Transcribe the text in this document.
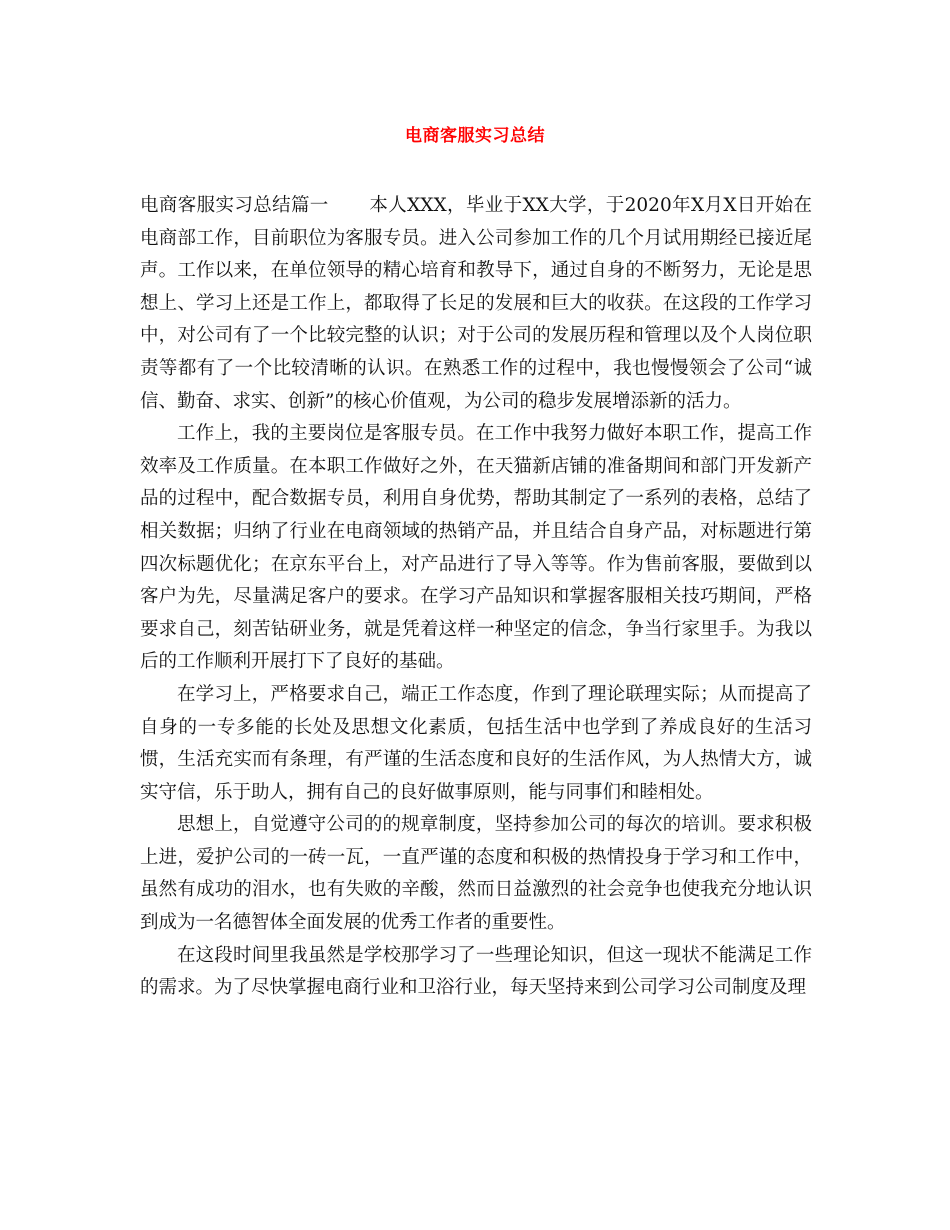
电商客服实习总结

电商客服实习总结篇一 本人XXX，毕业于XX大学，于2020年X月X日开始在电商部工作，目前职位为客服专员。进入公司参加工作的几个月试用期经已接近尾声。工作以来，在单位领导的精心培育和教导下，通过自身的不断努力，无论是思想上、学习上还是工作上，都取得了长足的发展和巨大的收获。在这段的工作学习中，对公司有了一个比较完整的认识；对于公司的发展历程和管理以及个人岗位职责等都有了一个比较清晰的认识。在熟悉工作的过程中，我也慢慢领会了公司“诚信、勤奋、求实、创新”的核心价值观，为公司的稳步发展增添新的活力。

工作上，我的主要岗位是客服专员。在工作中我努力做好本职工作，提高工作效率及工作质量。在本职工作做好之外，在天猫新店铺的准备期间和部门开发新产品的过程中，配合数据专员，利用自身优势，帮助其制定了一系列的表格，总结了相关数据；归纳了行业在电商领域的热销产品，并且结合自身产品，对标题进行第四次标题优化；在京东平台上，对产品进行了导入等等。作为售前客服，要做到以客户为先，尽量满足客户的要求。在学习产品知识和掌握客服相关技巧期间，严格要求自己，刻苦钻研业务，就是凭着这样一种坚定的信念，争当行家里手。为我以后的工作顺利开展打下了良好的基础。

在学习上，严格要求自己，端正工作态度，作到了理论联理实际；从而提高了自身的一专多能的长处及思想文化素质，包括生活中也学到了养成良好的生活习惯，生活充实而有条理，有严谨的生活态度和良好的生活作风，为人热情大方，诚实守信，乐于助人，拥有自己的良好做事原则，能与同事们和睦相处。

思想上，自觉遵守公司的的规章制度，坚持参加公司的每次的培训。要求积极上进，爱护公司的一砖一瓦，一直严谨的态度和积极的热情投身于学习和工作中，虽然有成功的泪水，也有失败的辛酸，然而日益激烈的社会竞争也使我充分地认识到成为一名德智体全面发展的优秀工作者的重要性。

在这段时间里我虽然是学校那学习了一些理论知识，但这一现状不能满足工作的需求。为了尽快掌握电商行业和卫浴行业，每天坚持来到公司学习公司制度及理
